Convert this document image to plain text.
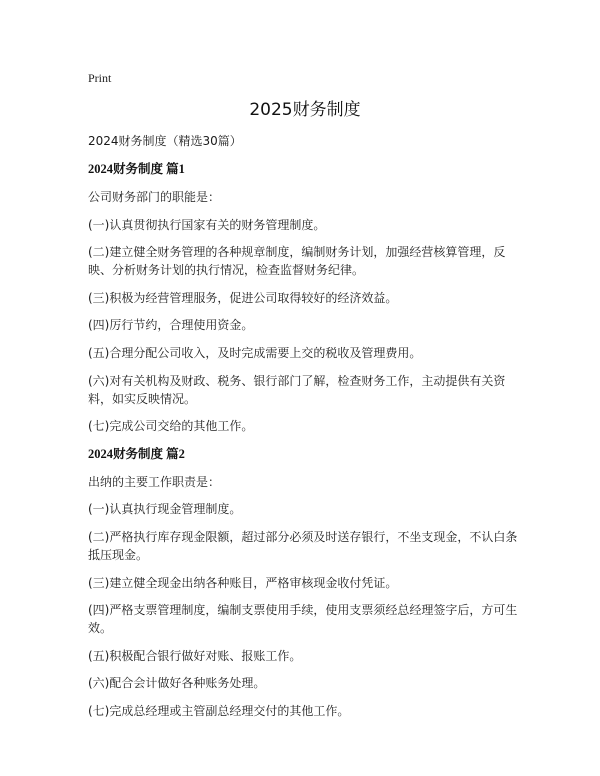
Print
2025财务制度

2024财务制度（精选30篇）

2024财务制度 篇1

公司财务部门的职能是：

(一)认真贯彻执行国家有关的财务管理制度。

(二)建立健全财务管理的各种规章制度，编制财务计划，加强经营核算管理，反映、分析财务计划的执行情况，检查监督财务纪律。

(三)积极为经营管理服务，促进公司取得较好的经济效益。

(四)厉行节约，合理使用资金。

(五)合理分配公司收入，及时完成需要上交的税收及管理费用。

(六)对有关机构及财政、税务、银行部门了解，检查财务工作，主动提供有关资料，如实反映情况。

(七)完成公司交给的其他工作。

2024财务制度 篇2

出纳的主要工作职责是：

(一)认真执行现金管理制度。

(二)严格执行库存现金限额，超过部分必须及时送存银行，不坐支现金，不认白条抵压现金。

(三)建立健全现金出纳各种账目，严格审核现金收付凭证。

(四)严格支票管理制度，编制支票使用手续，使用支票须经总经理签字后，方可生效。

(五)积极配合银行做好对账、报账工作。

(六)配合会计做好各种账务处理。

(七)完成总经理或主管副总经理交付的其他工作。
